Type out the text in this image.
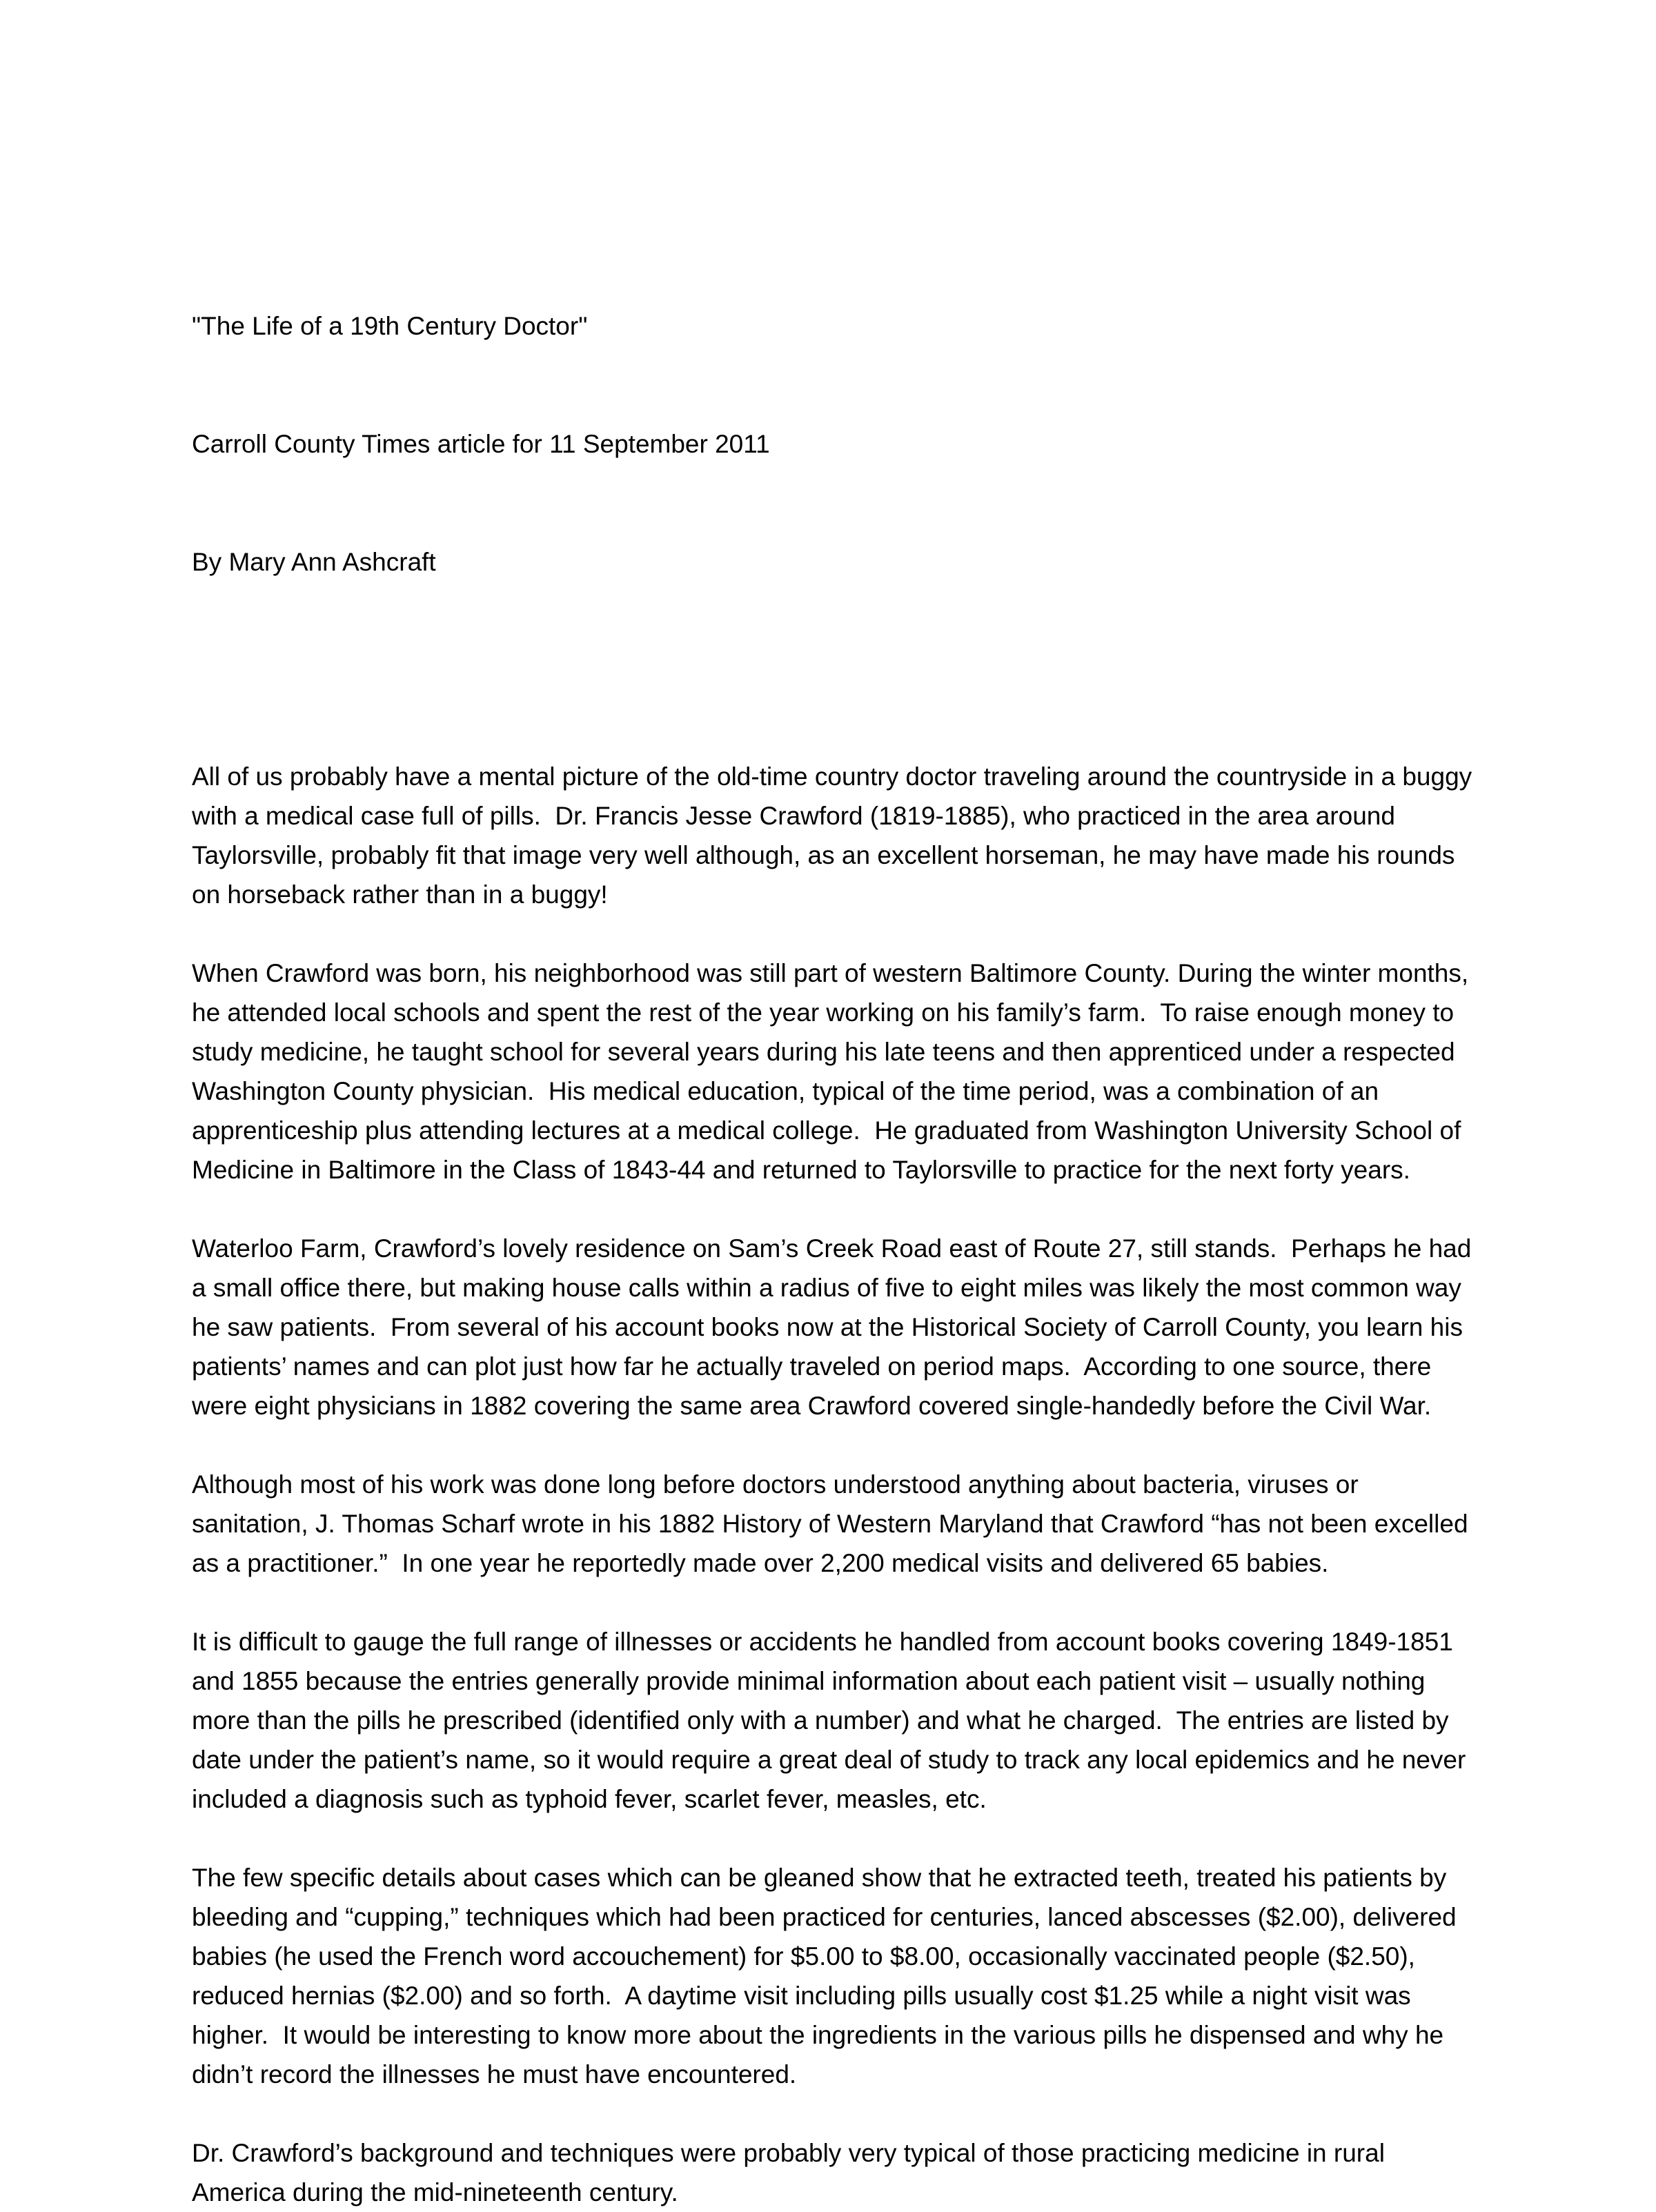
"The Life of a 19th Century Doctor"

Carroll County Times article for 11 September 2011

By Mary Ann Ashcraft

All of us probably have a mental picture of the old-time country doctor traveling around the countryside in a buggy with a medical case full of pills.  Dr. Francis Jesse Crawford (1819-1885), who practiced in the area around Taylorsville, probably fit that image very well although, as an excellent horseman, he may have made his rounds on horseback rather than in a buggy!

When Crawford was born, his neighborhood was still part of western Baltimore County. During the winter months, he attended local schools and spent the rest of the year working on his family’s farm.  To raise enough money to study medicine, he taught school for several years during his late teens and then apprenticed under a respected Washington County physician.  His medical education, typical of the time period, was a combination of an apprenticeship plus attending lectures at a medical college.  He graduated from Washington University School of Medicine in Baltimore in the Class of 1843-44 and returned to Taylorsville to practice for the next forty years.

Waterloo Farm, Crawford’s lovely residence on Sam’s Creek Road east of Route 27, still stands.  Perhaps he had a small office there, but making house calls within a radius of five to eight miles was likely the most common way he saw patients.  From several of his account books now at the Historical Society of Carroll County, you learn his patients’ names and can plot just how far he actually traveled on period maps.  According to one source, there were eight physicians in 1882 covering the same area Crawford covered single-handedly before the Civil War.

Although most of his work was done long before doctors understood anything about bacteria, viruses or sanitation, J. Thomas Scharf wrote in his 1882 History of Western Maryland that Crawford “has not been excelled as a practitioner.”  In one year he reportedly made over 2,200 medical visits and delivered 65 babies.

It is difficult to gauge the full range of illnesses or accidents he handled from account books covering 1849-1851 and 1855 because the entries generally provide minimal information about each patient visit – usually nothing more than the pills he prescribed (identified only with a number) and what he charged.  The entries are listed by date under the patient’s name, so it would require a great deal of study to track any local epidemics and he never included a diagnosis such as typhoid fever, scarlet fever, measles, etc.

The few specific details about cases which can be gleaned show that he extracted teeth, treated his patients by bleeding and “cupping,” techniques which had been practiced for centuries, lanced abscesses ($2.00), delivered babies (he used the French word accouchement) for $5.00 to $8.00, occasionally vaccinated people ($2.50), reduced hernias ($2.00) and so forth.  A daytime visit including pills usually cost $1.25 while a night visit was higher.  It would be interesting to know more about the ingredients in the various pills he dispensed and why he didn’t record the illnesses he must have encountered.

Dr. Crawford’s background and techniques were probably very typical of those practicing medicine in rural America during the mid-nineteenth century.
